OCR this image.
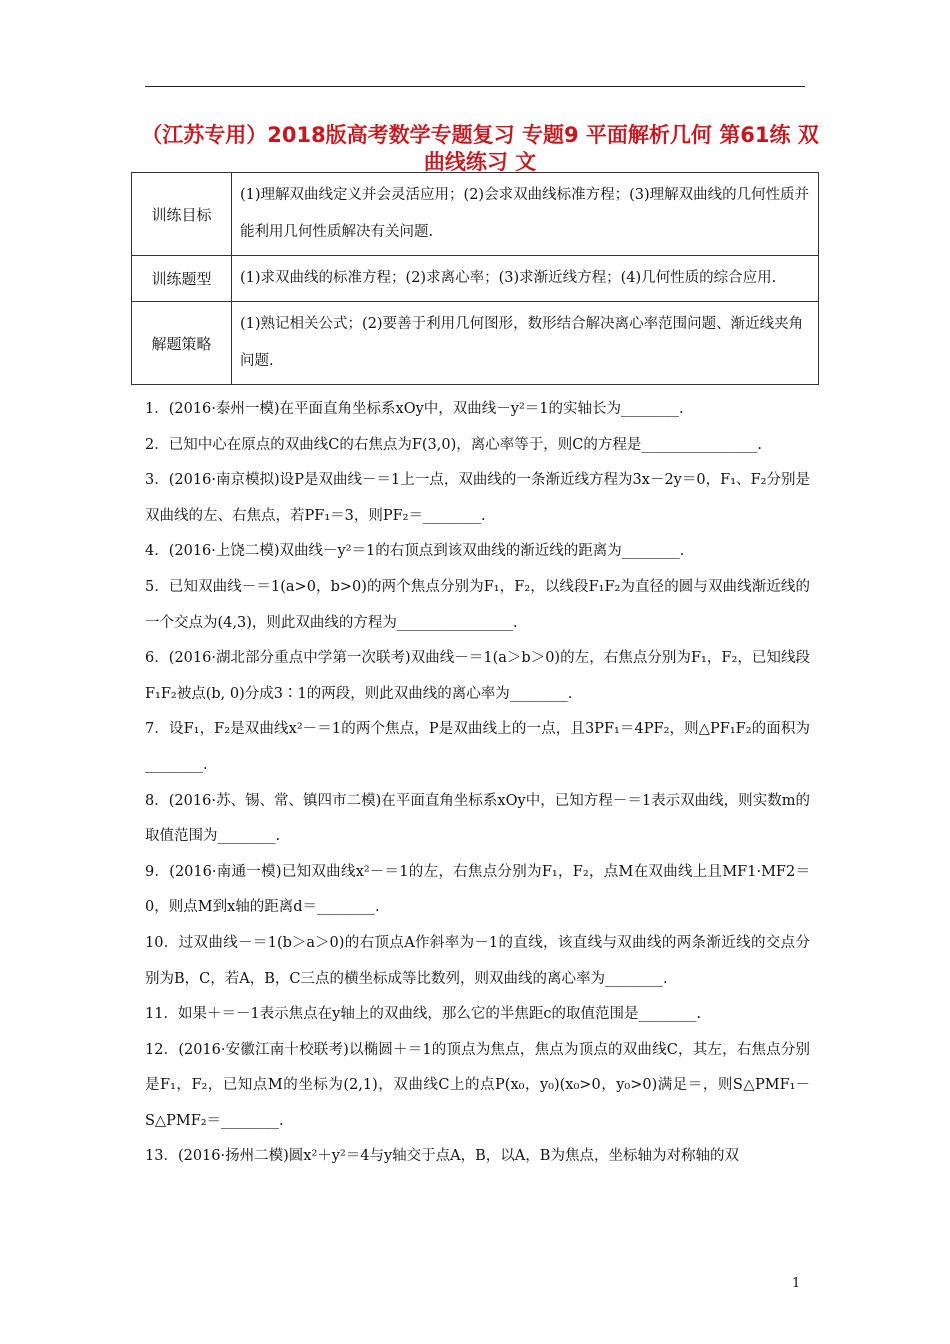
（江苏专用）2018版高考数学专题复习 专题9 平面解析几何 第61练 双曲线练习 文
训练目标	(1)理解双曲线定义并会灵活应用；(2)会求双曲线标准方程；(3)理解双曲线的几何性质并能利用几何性质解决有关问题.
训练题型	(1)求双曲线的标准方程；(2)求离心率；(3)求渐近线方程；(4)几何性质的综合应用.
解题策略	(1)熟记相关公式；(2)要善于利用几何图形，数形结合解决离心率范围问题、渐近线夹角问题.
1．(2016·泰州一模)在平面直角坐标系xOy中，双曲线－y²＝1的实轴长为________.
2．已知中心在原点的双曲线C的右焦点为F(3,0)，离心率等于，则C的方程是________________.
3．(2016·南京模拟)设P是双曲线－＝1上一点，双曲线的一条渐近线方程为3x－2y＝0，F₁、F₂分别是双曲线的左、右焦点，若PF₁＝3，则PF₂＝________.
4．(2016·上饶二模)双曲线－y²＝1的右顶点到该双曲线的渐近线的距离为________.
5．已知双曲线－＝1(a>0，b>0)的两个焦点分别为F₁，F₂，以线段F₁F₂为直径的圆与双曲线渐近线的一个交点为(4,3)，则此双曲线的方程为________________.
6．(2016·湖北部分重点中学第一次联考)双曲线－＝1(a＞b＞0)的左，右焦点分别为F₁，F₂，已知线段F₁F₂被点(b, 0)分成3∶1的两段，则此双曲线的离心率为________.
7．设F₁，F₂是双曲线x²－＝1的两个焦点，P是双曲线上的一点，且3PF₁＝4PF₂，则△PF₁F₂的面积为________.
8．(2016·苏、锡、常、镇四市二模)在平面直角坐标系xOy中，已知方程－＝1表示双曲线，则实数m的取值范围为________.
9．(2016·南通一模)已知双曲线x²－＝1的左，右焦点分别为F₁，F₂，点M在双曲线上且MF1·MF2＝0，则点M到x轴的距离d＝________.
10．过双曲线－＝1(b＞a＞0)的右顶点A作斜率为－1的直线，该直线与双曲线的两条渐近线的交点分别为B，C，若A，B，C三点的横坐标成等比数列，则双曲线的离心率为________.
11．如果＋＝－1表示焦点在y轴上的双曲线，那么它的半焦距c的取值范围是________.
12．(2016·安徽江南十校联考)以椭圆＋＝1的顶点为焦点，焦点为顶点的双曲线C，其左，右焦点分别是F₁，F₂，已知点M的坐标为(2,1)，双曲线C上的点P(x₀，y₀)(x₀>0，y₀>0)满足＝，则S△PMF₁－S△PMF₂＝________.
13．(2016·扬州二模)圆x²＋y²＝4与y轴交于点A，B，以A，B为焦点，坐标轴为对称轴的双
1
